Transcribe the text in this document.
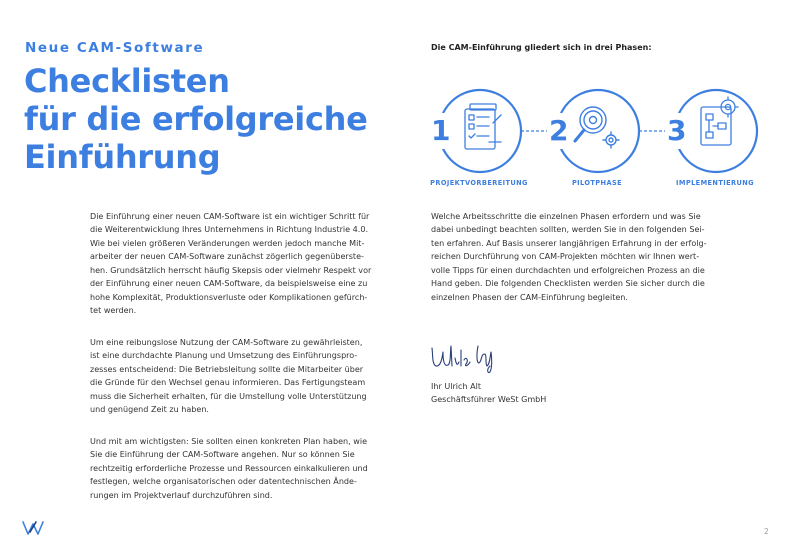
Neue CAM-Software
Checklisten
für die erfolgreiche
Einführung

Die Einführung einer neuen CAM-Software ist ein wichtiger Schritt für
die Weiterentwicklung Ihres Unternehmens in Richtung Industrie 4.0.
Wie bei vielen größeren Veränderungen werden jedoch manche Mit-
arbeiter der neuen CAM-Software zunächst zögerlich gegenüberste-
hen. Grundsätzlich herrscht häufig Skepsis oder vielmehr Respekt vor
der Einführung einer neuen CAM-Software, da beispielsweise eine zu
hohe Komplexität, Produktionsverluste oder Komplikationen gefürch-
tet werden.

Um eine reibungslose Nutzung der CAM-Software zu gewährleisten,
ist eine durchdachte Planung und Umsetzung des Einführungspro-
zesses entscheidend: Die Betriebsleitung sollte die Mitarbeiter über
die Gründe für den Wechsel genau informieren. Das Fertigungsteam
muss die Sicherheit erhalten, für die Umstellung volle Unterstützung
und genügend Zeit zu haben.

Und mit am wichtigsten: Sie sollten einen konkreten Plan haben, wie
Sie die Einführung der CAM-Software angehen. Nur so können Sie
rechtzeitig erforderliche Prozesse und Ressourcen einkalkulieren und
festlegen, welche organisatorischen oder datentechnischen Ände-
rungen im Projektverlauf durchzuführen sind.

Die CAM-Einführung gliedert sich in drei Phasen:
1	2	3
PROJEKTVORBEREITUNG	PILOTPHASE	IMPLEMENTIERUNG

Welche Arbeitsschritte die einzelnen Phasen erfordern und was Sie
dabei unbedingt beachten sollten, werden Sie in den folgenden Sei-
ten erfahren. Auf Basis unserer langjährigen Erfahrung in der erfolg-
reichen Durchführung von CAM-Projekten möchten wir Ihnen wert-
volle Tipps für einen durchdachten und erfolgreichen Prozess an die
Hand geben. Die folgenden Checklisten werden Sie sicher durch die
einzelnen Phasen der CAM-Einführung begleiten.

Ihr Ulrich Alt
Geschäftsführer WeSt GmbH
2
